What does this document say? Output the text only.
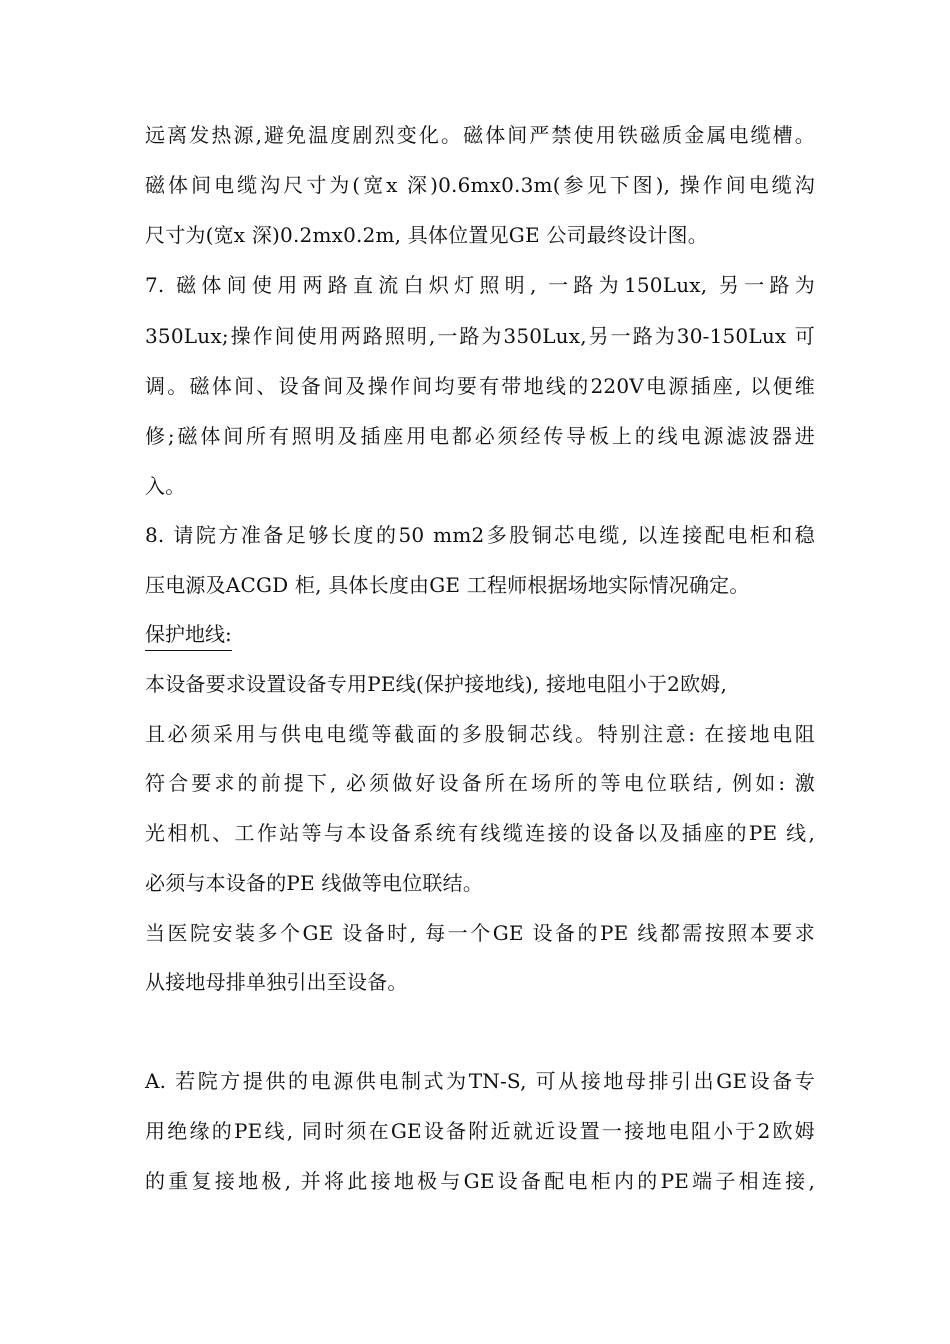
远离发热源,避免温度剧烈变化。磁体间严禁使用铁磁质金属电缆槽。
磁体间电缆沟尺寸为(宽x 深)0.6mx0.3m(参见下图), 操作间电缆沟
尺寸为(宽x 深)0.2mx0.2m, 具体位置见GE 公司最终设计图。
7. 磁体间使用两路直流白炽灯照明, 一路为150Lux, 另一路为
350Lux;操作间使用两路照明,一路为350Lux,另一路为30-150Lux 可
调。磁体间、设备间及操作间均要有带地线的220V电源插座, 以便维
修;磁体间所有照明及插座用电都必须经传导板上的线电源滤波器进
入。
8. 请院方准备足够长度的50 mm2多股铜芯电缆, 以连接配电柜和稳
压电源及ACGD 柜, 具体长度由GE 工程师根据场地实际情况确定。
保护地线:
本设备要求设置设备专用PE线(保护接地线), 接地电阻小于2欧姆,
且必须采用与供电电缆等截面的多股铜芯线。特别注意: 在接地电阻
符合要求的前提下, 必须做好设备所在场所的等电位联结, 例如: 激
光相机、工作站等与本设备系统有线缆连接的设备以及插座的PE 线,
必须与本设备的PE 线做等电位联结。
当医院安装多个GE 设备时, 每一个GE 设备的PE 线都需按照本要求
从接地母排单独引出至设备。
A. 若院方提供的电源供电制式为TN-S, 可从接地母排引出GE设备专
用绝缘的PE线, 同时须在GE设备附近就近设置一接地电阻小于2欧姆
的重复接地极, 并将此接地极与GE设备配电柜内的PE端子相连接,
